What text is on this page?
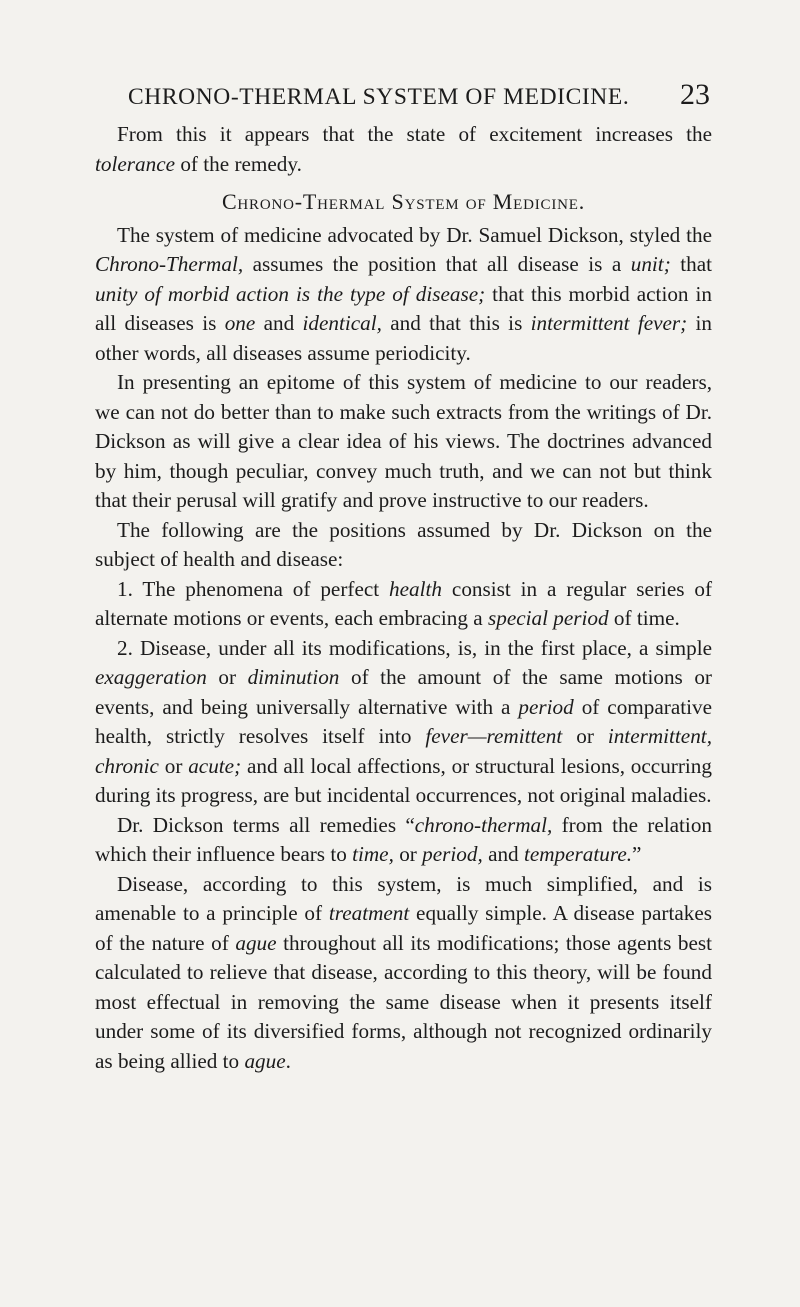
CHRONO-THERMAL SYSTEM OF MEDICINE. 23

From this it appears that the state of excitement increases the tolerance of the remedy.

Chrono-Thermal System of Medicine.

The system of medicine advocated by Dr. Samuel Dickson, styled the Chrono-Thermal, assumes the position that all disease is a unit; that unity of morbid action is the type of disease; that this morbid action in all diseases is one and identical, and that this is intermittent fever; in other words, all diseases assume periodicity.

In presenting an epitome of this system of medicine to our readers, we can not do better than to make such extracts from the writings of Dr. Dickson as will give a clear idea of his views. The doctrines advanced by him, though peculiar, convey much truth, and we can not but think that their perusal will gratify and prove instructive to our readers.

The following are the positions assumed by Dr. Dickson on the subject of health and disease:

1. The phenomena of perfect health consist in a regular series of alternate motions or events, each embracing a special period of time.

2. Disease, under all its modifications, is, in the first place, a simple exaggeration or diminution of the amount of the same motions or events, and being universally alternative with a period of comparative health, strictly resolves itself into fever—remittent or intermittent, chronic or acute; and all local affections, or structural lesions, occurring during its progress, are but incidental occurrences, not original maladies.

Dr. Dickson terms all remedies “chrono-thermal, from the relation which their influence bears to time, or period, and temperature.”

Disease, according to this system, is much simplified, and is amenable to a principle of treatment equally simple. A disease partakes of the nature of ague throughout all its modifications; those agents best calculated to relieve that disease, according to this theory, will be found most effectual in removing the same disease when it presents itself under some of its diversified forms, although not recognized ordinarily as being allied to ague.
